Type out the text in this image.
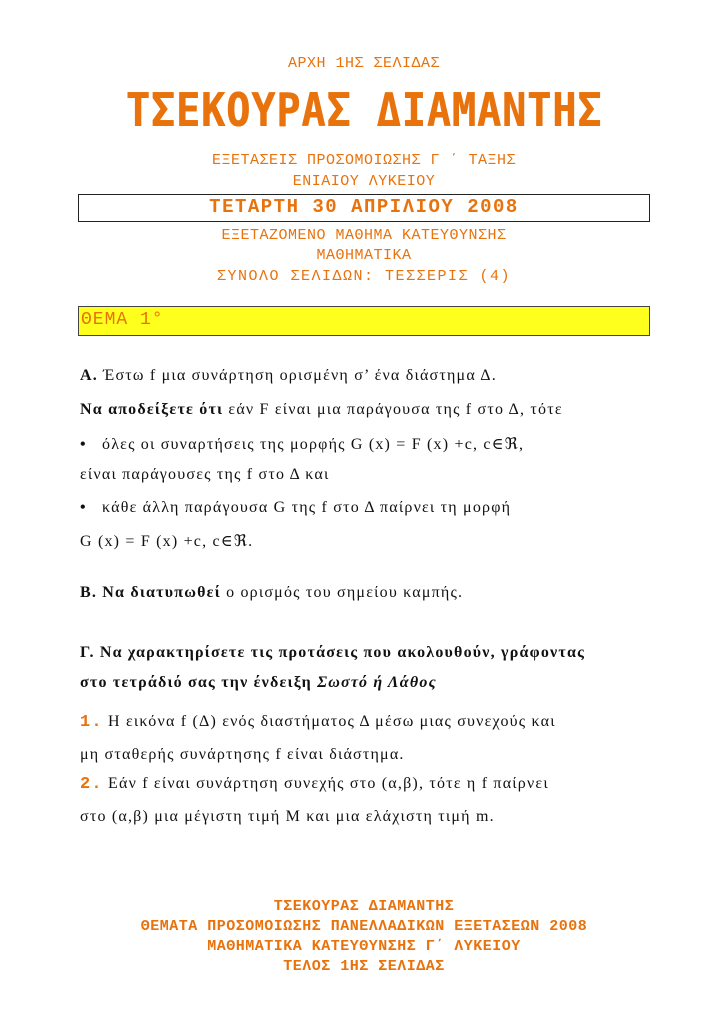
ΑΡΧΗ 1ΗΣ ΣΕΛΙΔΑΣ
ΤΣΕΚΟΥΡΑΣ ΔΙΑΜΑΝΤΗΣ
ΕΞΕΤΑΣΕΙΣ ΠΡΟΣΟΜΟΙΩΣΗΣ Γ ΄ ΤΑΞΗΣ
ΕΝΙΑΙΟΥ ΛΥΚΕΙΟΥ
ΤΕΤΑΡΤΗ 30 ΑΠΡΙΛΙΟΥ 2008
ΕΞΕΤΑΖΟΜΕΝΟ ΜΑΘΗΜΑ ΚΑΤΕΥΘΥΝΣΗΣ
ΜΑΘΗΜΑΤΙΚΑ
ΣΥΝΟΛΟ ΣΕΛΙΔΩΝ: ΤΕΣΣΕΡΙΣ (4)
ΘΕΜΑ 1°
Α. Έστω f μια συνάρτηση ορισμένη σ’ ένα διάστημα Δ.
Να αποδείξετε ότι εάν F είναι μια παράγουσα της f στο Δ, τότε
• όλες οι συναρτήσεις της μορφής G (x) = F (x) +c, c∈ℜ,
είναι παράγουσες της f στο Δ και
• κάθε άλλη παράγουσα G της f στο Δ παίρνει τη μορφή
G (x) = F (x) +c, c∈ℜ.
Β. Να διατυπωθεί ο ορισμός του σημείου καμπής.
Γ. Να χαρακτηρίσετε τις προτάσεις που ακολουθούν, γράφοντας
στο τετράδιό σας την ένδειξη Σωστό ή Λάθος
1. Η εικόνα f (Δ) ενός διαστήματος Δ μέσω μιας συνεχούς και
μη σταθερής συνάρτησης f είναι διάστημα.
2. Εάν f είναι συνάρτηση συνεχής στο (α,β), τότε η f παίρνει
στο (α,β) μια μέγιστη τιμή Μ και μια ελάχιστη τιμή m.
ΤΣΕΚΟΥΡΑΣ ΔΙΑΜΑΝΤΗΣ
ΘΕΜΑΤΑ ΠΡΟΣΟΜΟΙΩΣΗΣ ΠΑΝΕΛΛΑΔΙΚΩΝ ΕΞΕΤΑΣΕΩΝ 2008
ΜΑΘΗΜΑΤΙΚΑ ΚΑΤΕΥΘΥΝΣΗΣ Γ΄ ΛΥΚΕΙΟΥ
ΤΕΛΟΣ 1ΗΣ ΣΕΛΙΔΑΣ
